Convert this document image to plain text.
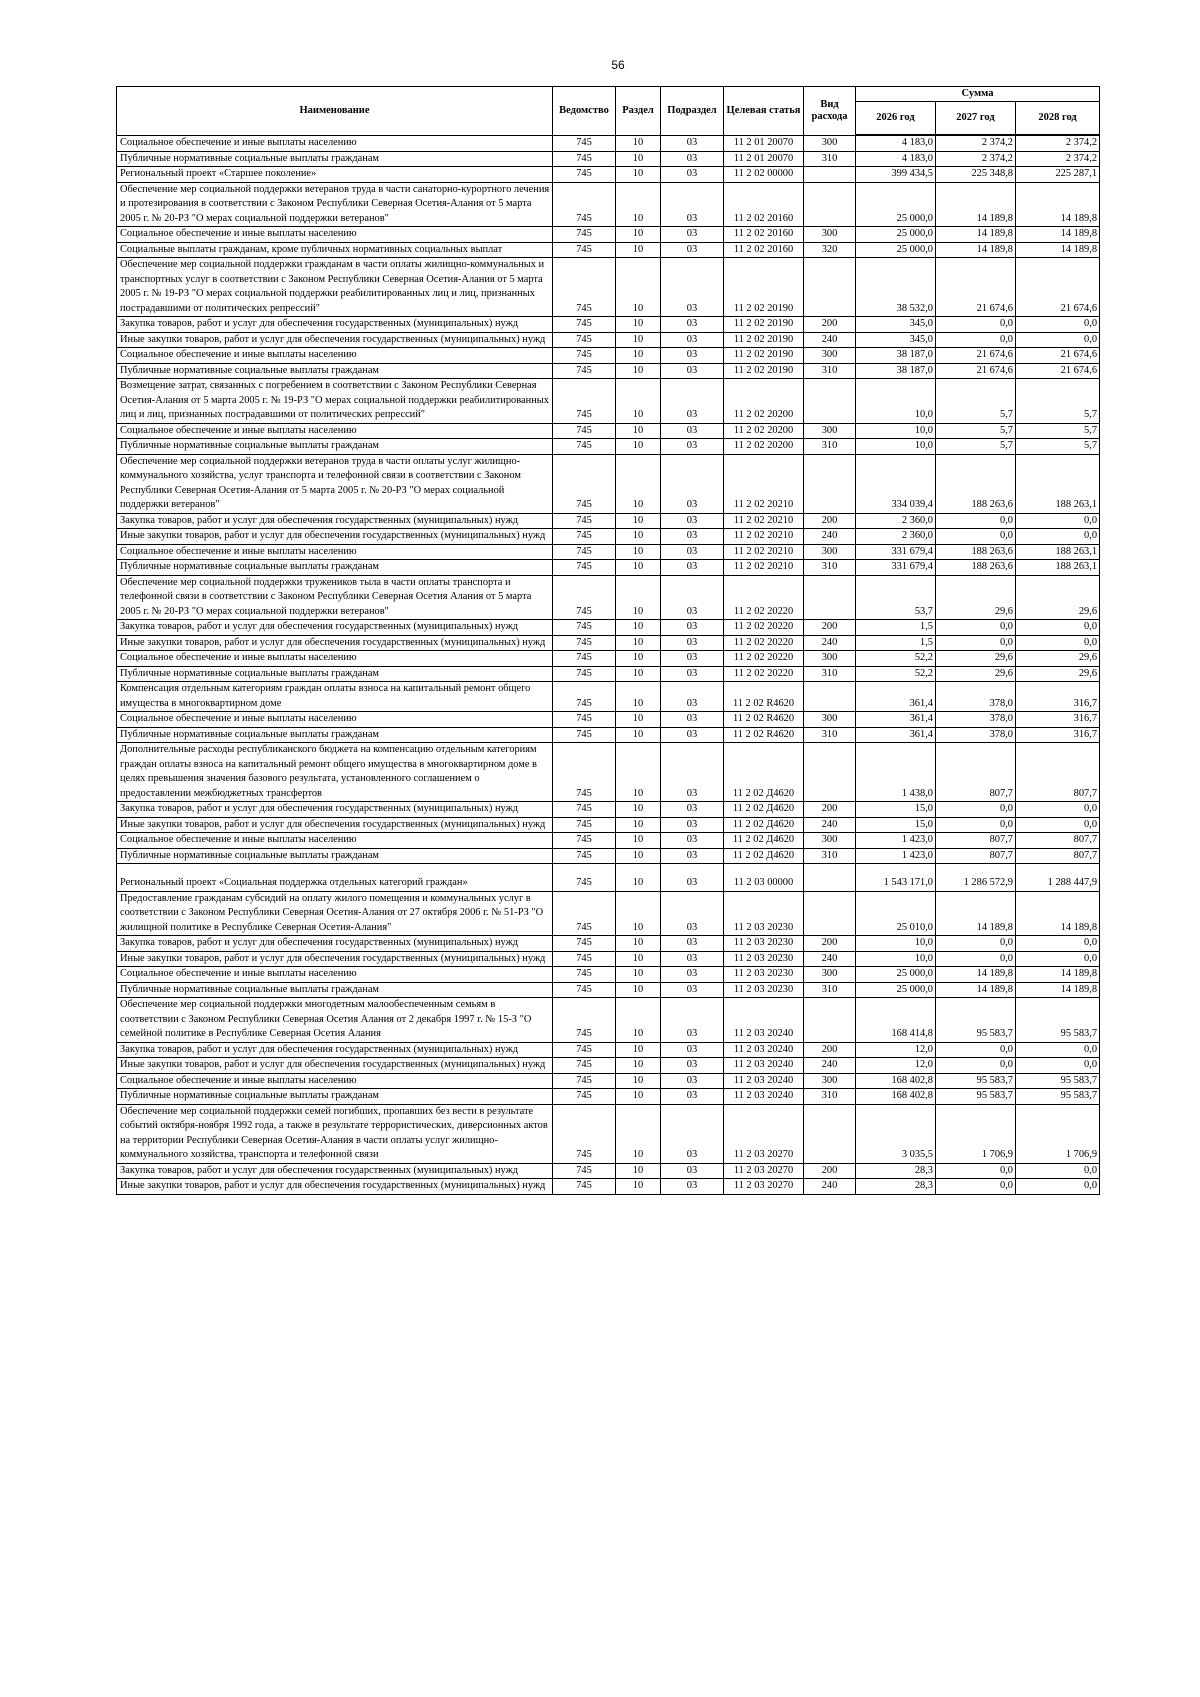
56
Наименование	Ведомство	Раздел	Подраздел	Целевая статья	Вид расхода	Сумма		
						2026 год	2027 год	2028 год
Социальное обеспечение и иные выплаты населению	745	10	03	11 2 01 20070	300	4 183,0	2 374,2	2 374,2
Публичные нормативные социальные выплаты гражданам	745	10	03	11 2 01 20070	310	4 183,0	2 374,2	2 374,2
Региональный проект «Старшее поколение»	745	10	03	11 2 02 00000		399 434,5	225 348,8	225 287,1
Обеспечение мер социальной поддержки ветеранов труда в части санаторно-курортного лечения и протезирования в соответствии с Законом Республики Северная Осетия-Алания от 5 марта 2005 г. № 20-РЗ "О мерах социальной поддержки ветеранов"	745	10	03	11 2 02 20160		25 000,0	14 189,8	14 189,8
Социальное обеспечение и иные выплаты населению	745	10	03	11 2 02 20160	300	25 000,0	14 189,8	14 189,8
Социальные выплаты гражданам, кроме публичных нормативных социальных выплат	745	10	03	11 2 02 20160	320	25 000,0	14 189,8	14 189,8
Обеспечение мер социальной поддержки гражданам в части оплаты жилищно-коммунальных и транспортных услуг в соответствии с Законом Республики Северная Осетия-Алания от 5 марта 2005 г. № 19-РЗ "О мерах социальной поддержки реабилитированных лиц и лиц, признанных пострадавшими от политических репрессий"	745	10	03	11 2 02 20190		38 532,0	21 674,6	21 674,6
Закупка товаров, работ и услуг для обеспечения государственных (муниципальных) нужд	745	10	03	11 2 02 20190	200	345,0	0,0	0,0
Иные закупки товаров, работ и услуг для обеспечения государственных (муниципальных) нужд	745	10	03	11 2 02 20190	240	345,0	0,0	0,0
Социальное обеспечение и иные выплаты населению	745	10	03	11 2 02 20190	300	38 187,0	21 674,6	21 674,6
Публичные нормативные социальные выплаты гражданам	745	10	03	11 2 02 20190	310	38 187,0	21 674,6	21 674,6
Возмещение затрат, связанных с погребением в соответствии с Законом Республики Северная Осетия-Алания от 5 марта 2005 г. № 19-РЗ "О мерах социальной поддержки реабилитированных лиц и лиц, признанных пострадавшими от политических репрессий"	745	10	03	11 2 02 20200		10,0	5,7	5,7
Социальное обеспечение и иные выплаты населению	745	10	03	11 2 02 20200	300	10,0	5,7	5,7
Публичные нормативные социальные выплаты гражданам	745	10	03	11 2 02 20200	310	10,0	5,7	5,7
Обеспечение мер социальной поддержки ветеранов труда в части оплаты услуг жилищно-коммунального хозяйства, услуг транспорта и телефонной связи в соответствии с Законом Республики Северная Осетия-Алания от 5 марта 2005 г. № 20-РЗ "О мерах социальной поддержки ветеранов"	745	10	03	11 2 02 20210		334 039,4	188 263,6	188 263,1
Закупка товаров, работ и услуг для обеспечения государственных (муниципальных) нужд	745	10	03	11 2 02 20210	200	2 360,0	0,0	0,0
Иные закупки товаров, работ и услуг для обеспечения государственных (муниципальных) нужд	745	10	03	11 2 02 20210	240	2 360,0	0,0	0,0
Социальное обеспечение и иные выплаты населению	745	10	03	11 2 02 20210	300	331 679,4	188 263,6	188 263,1
Публичные нормативные социальные выплаты гражданам	745	10	03	11 2 02 20210	310	331 679,4	188 263,6	188 263,1
Обеспечение мер социальной поддержки тружеников тыла в части оплаты транспорта и телефонной связи в соответствии с Законом Республики Северная Осетия Алания от 5 марта 2005 г. № 20-РЗ "О мерах социальной поддержки ветеранов"	745	10	03	11 2 02 20220		53,7	29,6	29,6
Закупка товаров, работ и услуг для обеспечения государственных (муниципальных) нужд	745	10	03	11 2 02 20220	200	1,5	0,0	0,0
Иные закупки товаров, работ и услуг для обеспечения государственных (муниципальных) нужд	745	10	03	11 2 02 20220	240	1,5	0,0	0,0
Социальное обеспечение и иные выплаты населению	745	10	03	11 2 02 20220	300	52,2	29,6	29,6
Публичные нормативные социальные выплаты гражданам	745	10	03	11 2 02 20220	310	52,2	29,6	29,6
Компенсация отдельным категориям граждан оплаты взноса на капитальный ремонт общего имущества в многоквартирном доме	745	10	03	11 2 02 R4620		361,4	378,0	316,7
Социальное обеспечение и иные выплаты населению	745	10	03	11 2 02 R4620	300	361,4	378,0	316,7
Публичные нормативные социальные выплаты гражданам	745	10	03	11 2 02 R4620	310	361,4	378,0	316,7
Дополнительные расходы республиканского бюджета на компенсацию отдельным категориям граждан оплаты взноса на капитальный ремонт общего имущества в многоквартирном доме в целях превышения значения базового результата, установленного соглашением о предоставлении межбюджетных трансфертов	745	10	03	11 2 02 Д4620		1 438,0	807,7	807,7
Закупка товаров, работ и услуг для обеспечения государственных (муниципальных) нужд	745	10	03	11 2 02 Д4620	200	15,0	0,0	0,0
Иные закупки товаров, работ и услуг для обеспечения государственных (муниципальных) нужд	745	10	03	11 2 02 Д4620	240	15,0	0,0	0,0
Социальное обеспечение и иные выплаты населению	745	10	03	11 2 02 Д4620	300	1 423,0	807,7	807,7
Публичные нормативные социальные выплаты гражданам	745	10	03	11 2 02 Д4620	310	1 423,0	807,7	807,7
Региональный проект «Социальная поддержка отдельных категорий граждан»	745	10	03	11 2 03 00000		1 543 171,0	1 286 572,9	1 288 447,9
Предоставление гражданам субсидий на оплату жилого помещения и коммунальных услуг в соответствии с Законом Республики Северная Осетия-Алания от 27 октября 2006 г. № 51-РЗ "О жилищной политике в Республике Северная Осетия-Алания"	745	10	03	11 2 03 20230		25 010,0	14 189,8	14 189,8
Закупка товаров, работ и услуг для обеспечения государственных (муниципальных) нужд	745	10	03	11 2 03 20230	200	10,0	0,0	0,0
Иные закупки товаров, работ и услуг для обеспечения государственных (муниципальных) нужд	745	10	03	11 2 03 20230	240	10,0	0,0	0,0
Социальное обеспечение и иные выплаты населению	745	10	03	11 2 03 20230	300	25 000,0	14 189,8	14 189,8
Публичные нормативные социальные выплаты гражданам	745	10	03	11 2 03 20230	310	25 000,0	14 189,8	14 189,8
Обеспечение мер социальной поддержки многодетным малообеспеченным семьям в соответствии с Законом Республики Северная Осетия Алания от 2 декабря 1997 г. № 15-З "О семейной политике в Республике Северная Осетия Алания	745	10	03	11 2 03 20240		168 414,8	95 583,7	95 583,7
Закупка товаров, работ и услуг для обеспечения государственных (муниципальных) нужд	745	10	03	11 2 03 20240	200	12,0	0,0	0,0
Иные закупки товаров, работ и услуг для обеспечения государственных (муниципальных) нужд	745	10	03	11 2 03 20240	240	12,0	0,0	0,0
Социальное обеспечение и иные выплаты населению	745	10	03	11 2 03 20240	300	168 402,8	95 583,7	95 583,7
Публичные нормативные социальные выплаты гражданам	745	10	03	11 2 03 20240	310	168 402,8	95 583,7	95 583,7
Обеспечение мер социальной поддержки семей погибших, пропавших без вести в результате событий октября-ноября 1992 года, а также в результате террористических, диверсионных актов на территории Республики Северная Осетия-Алания в части оплаты услуг жилищно-коммунального хозяйства, транспорта и телефонной связи	745	10	03	11 2 03 20270		3 035,5	1 706,9	1 706,9
Закупка товаров, работ и услуг для обеспечения государственных (муниципальных) нужд	745	10	03	11 2 03 20270	200	28,3	0,0	0,0
Иные закупки товаров, работ и услуг для обеспечения государственных (муниципальных) нужд	745	10	03	11 2 03 20270	240	28,3	0,0	0,0
